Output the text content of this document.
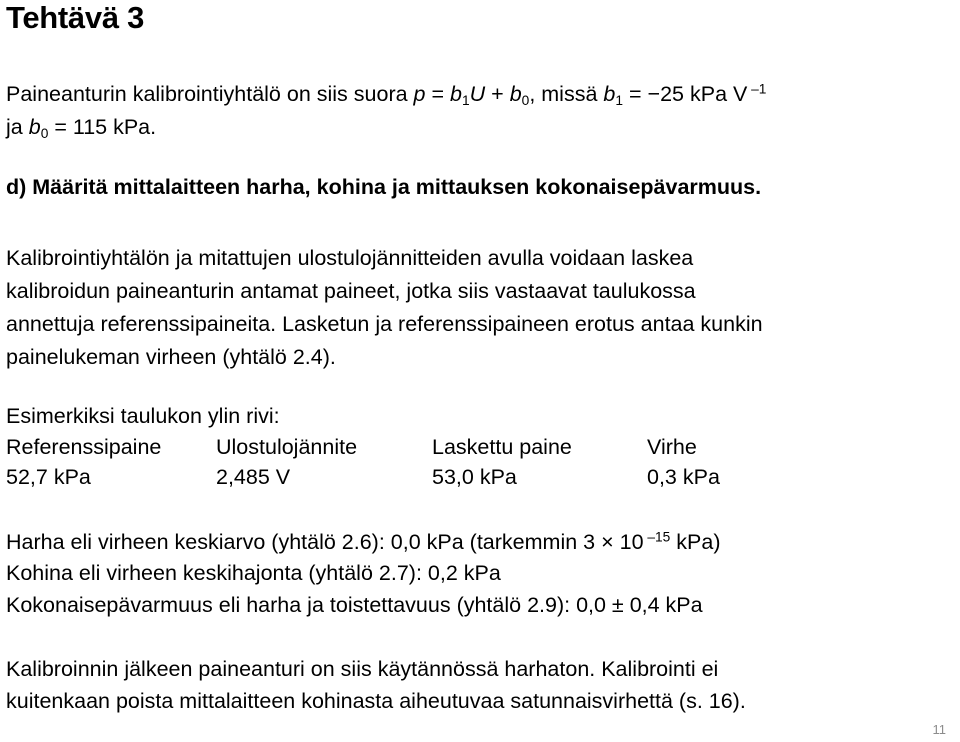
Tehtävä 3
Paineanturin kalibrointiyhtälö on siis suora $p = b_1U + b_0$, missä $b_1 = -25$ kPa V $^{-1}$
ja $b_0 = 115$ kPa.
d) Määritä mittalaitteen harha, kohina ja mittauksen kokonaisepävarmuus.
Kalibrointiyhtälön ja mitattujen ulostulojännitteiden avulla voidaan laskea
kalibroidun paineanturin antamat paineet, jotka siis vastaavat taulukossa
annettuja referenssipaineita. Lasketun ja referenssipaineen erotus antaa kunkin
painelukeman virheen (yhtälö 2.4).
Esimerkiksi taulukon ylin rivi:
Referenssipaine	Ulostulojännite	Laskettu paine	Virhe
52,7 kPa	2,485 V	53,0 kPa	0,3 kPa
Harha eli virheen keskiarvo (yhtälö 2.6): 0,0 kPa (tarkemmin 3 × 10 $^{-15}$ kPa)
Kohina eli virheen keskihajonta (yhtälö 2.7): 0,2 kPa
Kokonaisepävarmuus eli harha ja toistettavuus (yhtälö 2.9): 0,0 ± 0,4 kPa
Kalibroinnin jälkeen paineanturi on siis käytännössä harhaton. Kalibrointi ei
kuitenkaan poista mittalaitteen kohinasta aiheutuvaa satunnaisvirhettä (s. 16).
11
